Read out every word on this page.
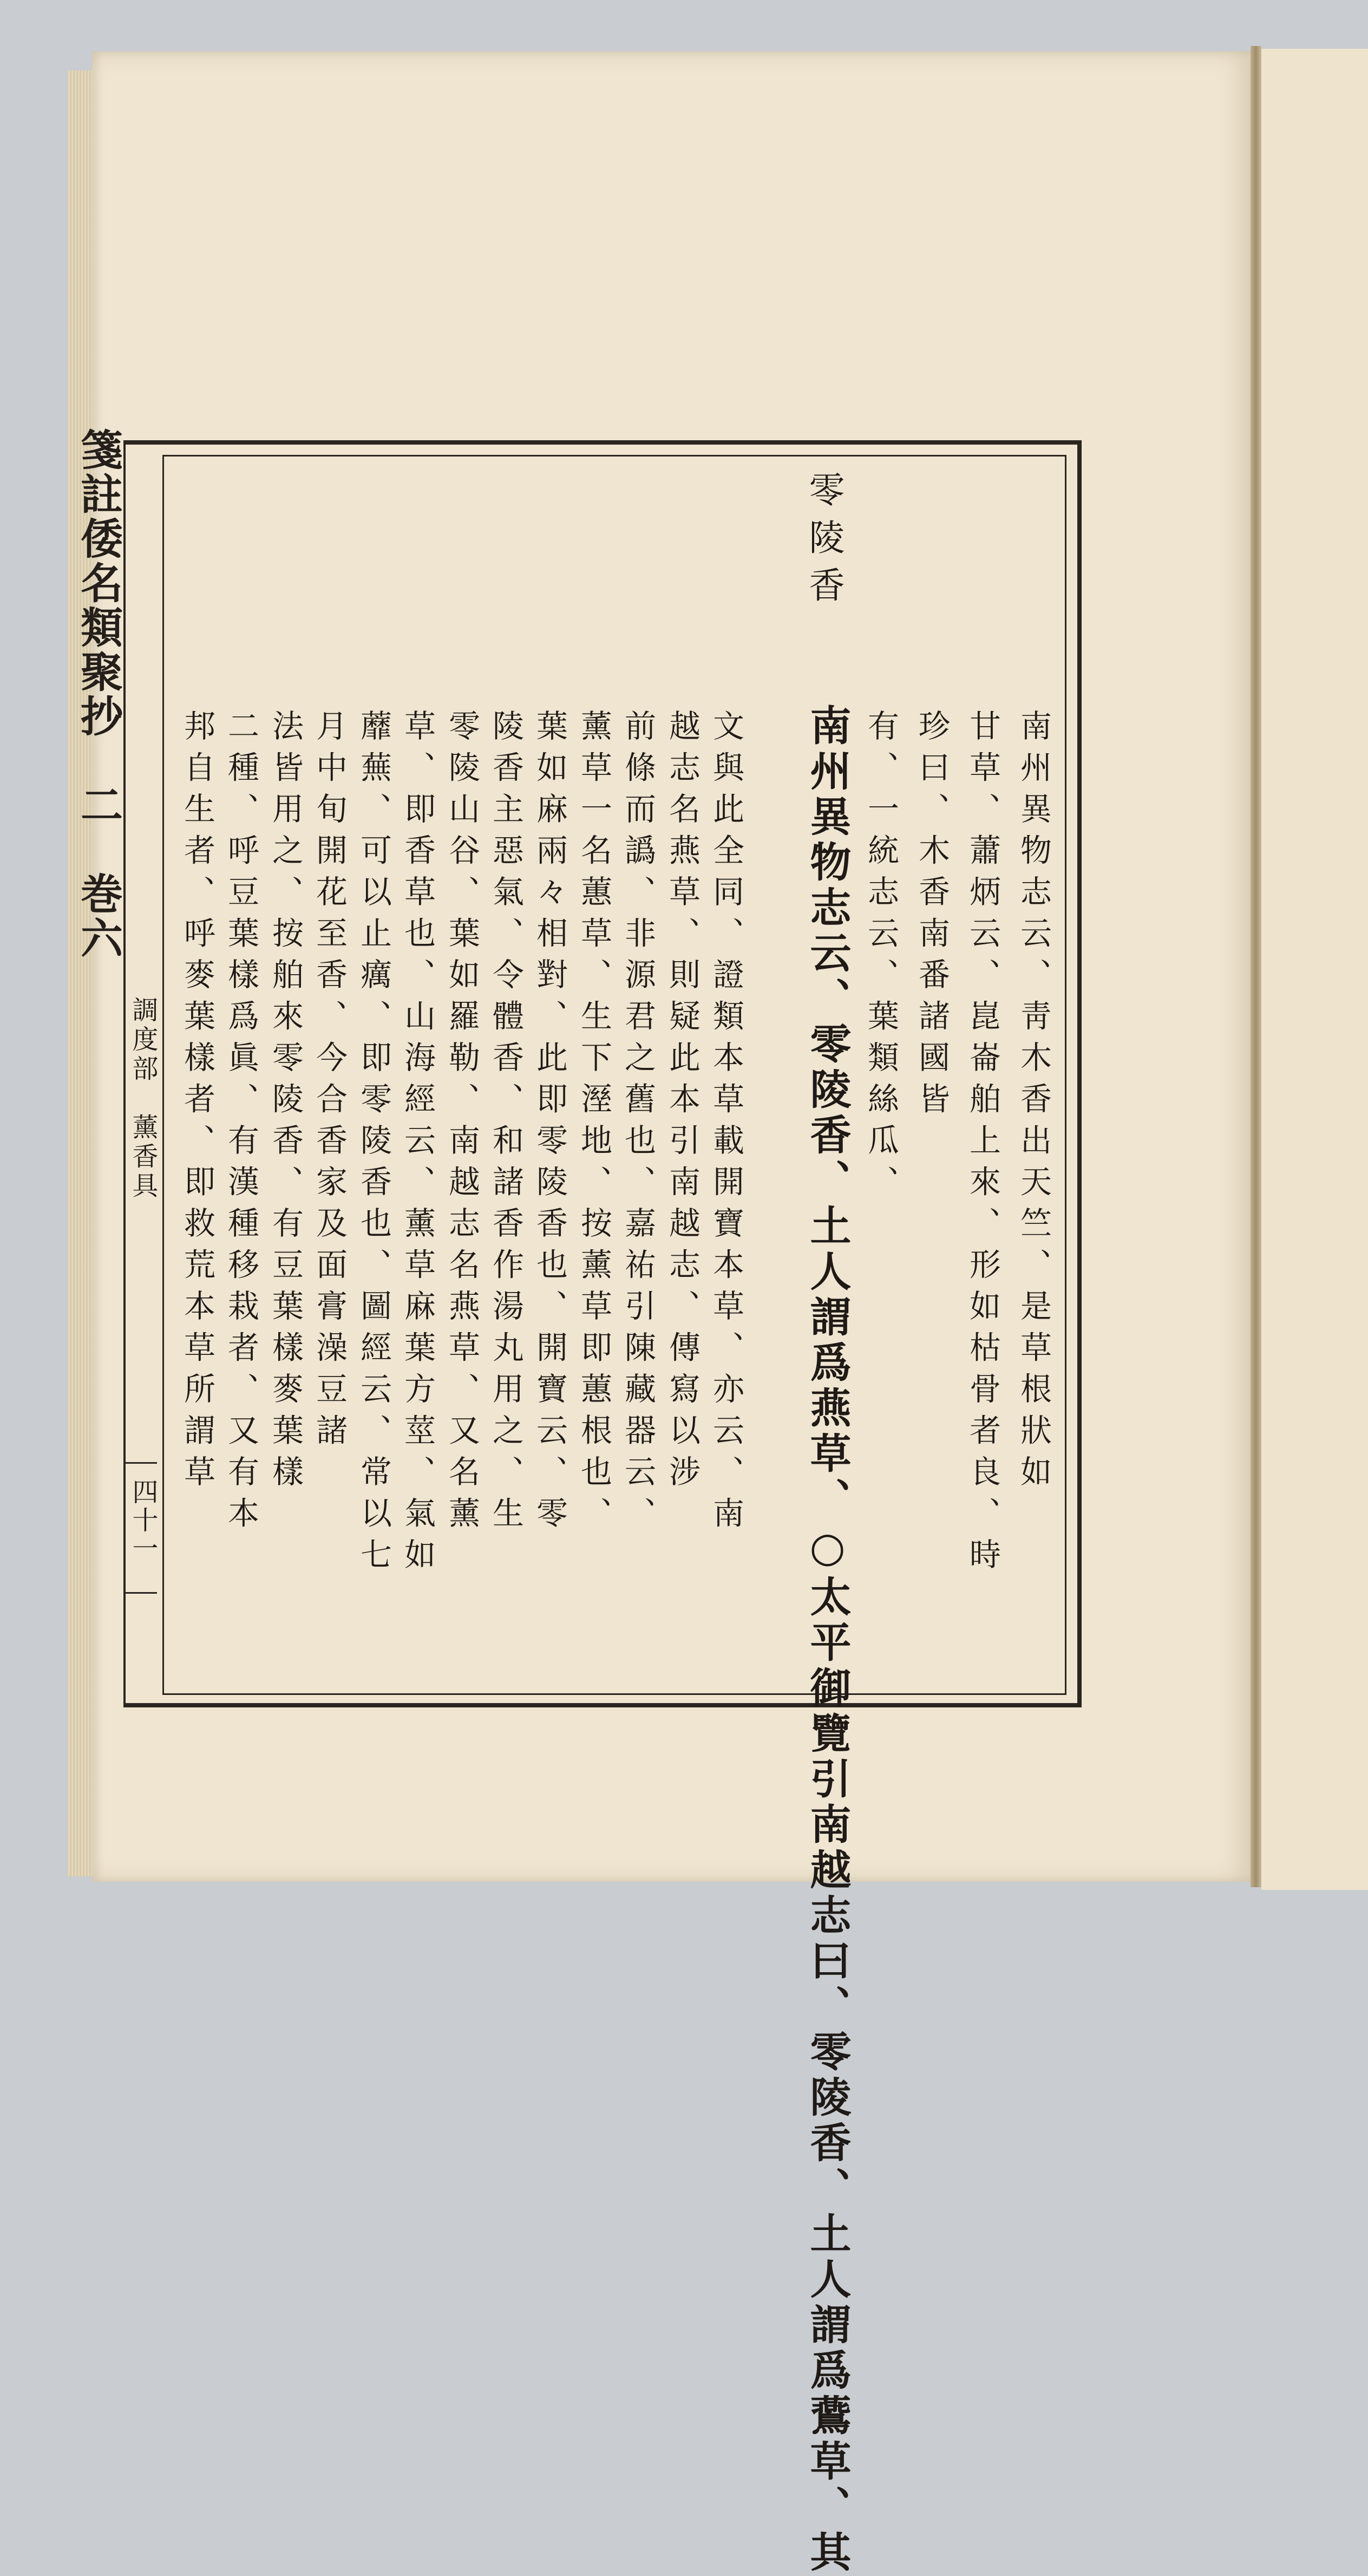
箋註倭名類聚抄　二　巻六
調度部　薰香具
四十一
零陵香
南州異物志云、零陵香、土人謂爲燕草、○太平御覽引南越志曰、零陵香、土人謂爲鷰草、其	南州異物志云、靑木香出天竺、是草根狀如
甘草、蕭炳云、崑崙舶上來、形如枯骨者良、時
珍曰、木香南番諸國皆
有、一統志云、葉類絲瓜、
文與此全同、證類本草載開寶本草、亦云、南
越志名燕草、則疑此本引南越志、傳寫以涉
前條而譌、非源君之舊也、嘉祐引陳藏器云、
薰草一名蕙草、生下溼地、按薰草即蕙根也、
葉如麻兩々相對、此即零陵香也、開寶云、零
陵香主惡氣、令體香、和諸香作湯丸用之、生
零陵山谷、葉如羅勒、南越志名燕草、又名薰
草、即香草也、山海經云、薰草麻葉方莖、氣如
蘼蕪、可以止癘、即零陵香也、圖經云、常以七
月中旬開花至香、今合香家及面膏澡豆諸
法皆用之、按舶來零陵香、有豆葉樣麥葉樣
二種、呼豆葉樣爲眞、有漢種移栽者、又有本
邦自生者、呼麥葉樣者、即救荒本草所謂草
